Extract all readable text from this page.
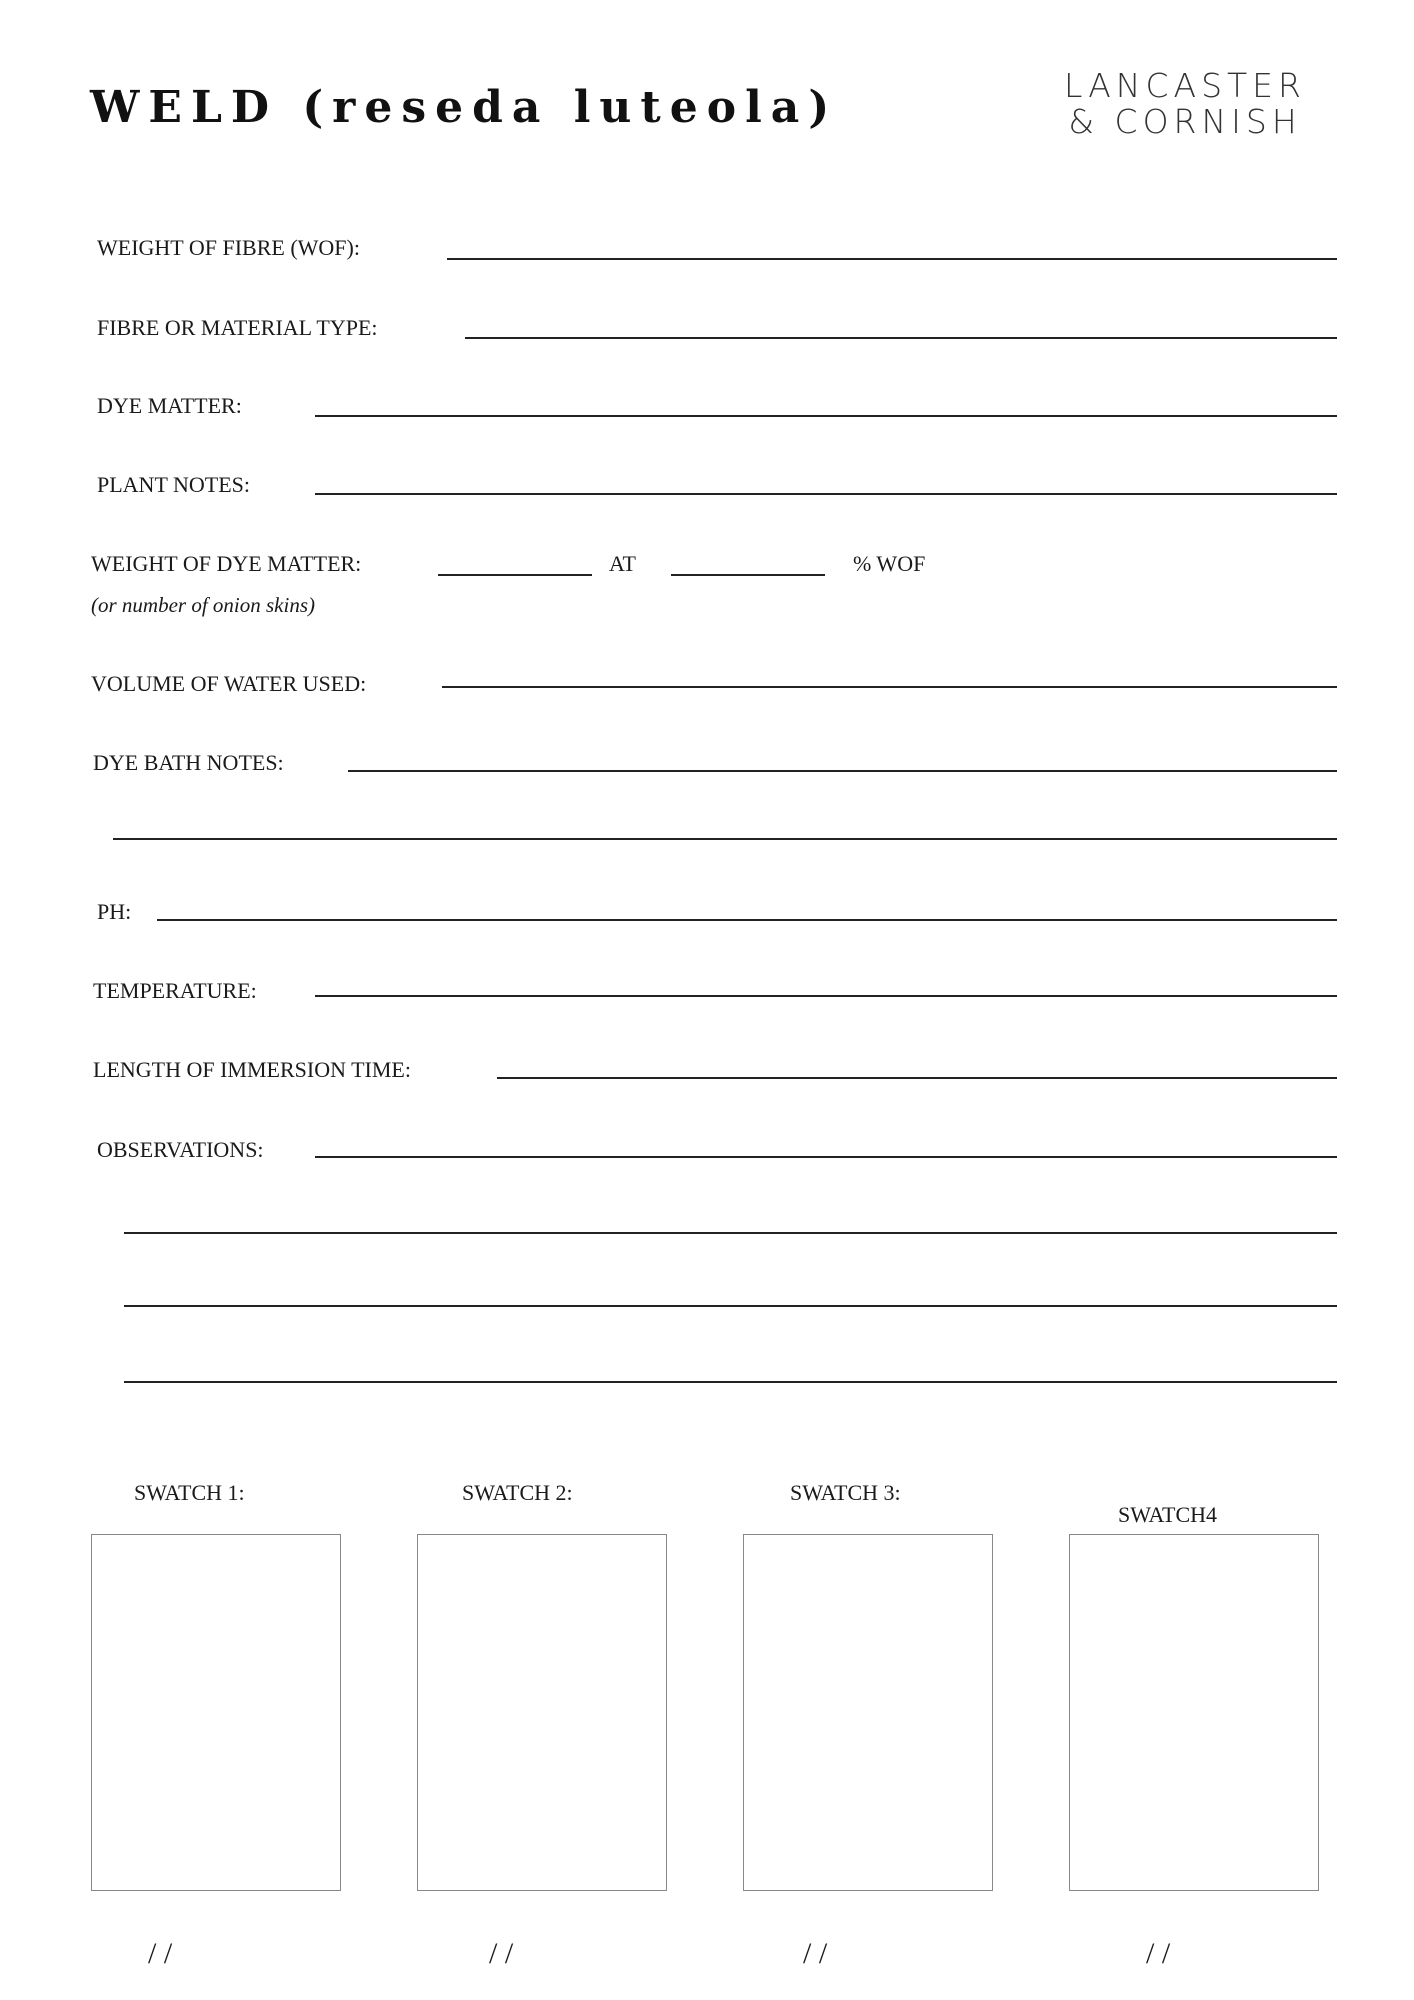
WELD (reseda luteola)	LANCASTER
& CORNISH
WEIGHT OF FIBRE (WOF):
FIBRE OR MATERIAL TYPE:
DYE MATTER:
PLANT NOTES:
WEIGHT OF DYE MATTER:	AT	% WOF
(or number of onion skins)
VOLUME OF WATER USED:
DYE BATH NOTES:
PH:
TEMPERATURE:
LENGTH OF IMMERSION TIME:
OBSERVATIONS:
SWATCH 1:	SWATCH 2:	SWATCH 3:
SWATCH4
/ /	/ /	/ /	/ /
